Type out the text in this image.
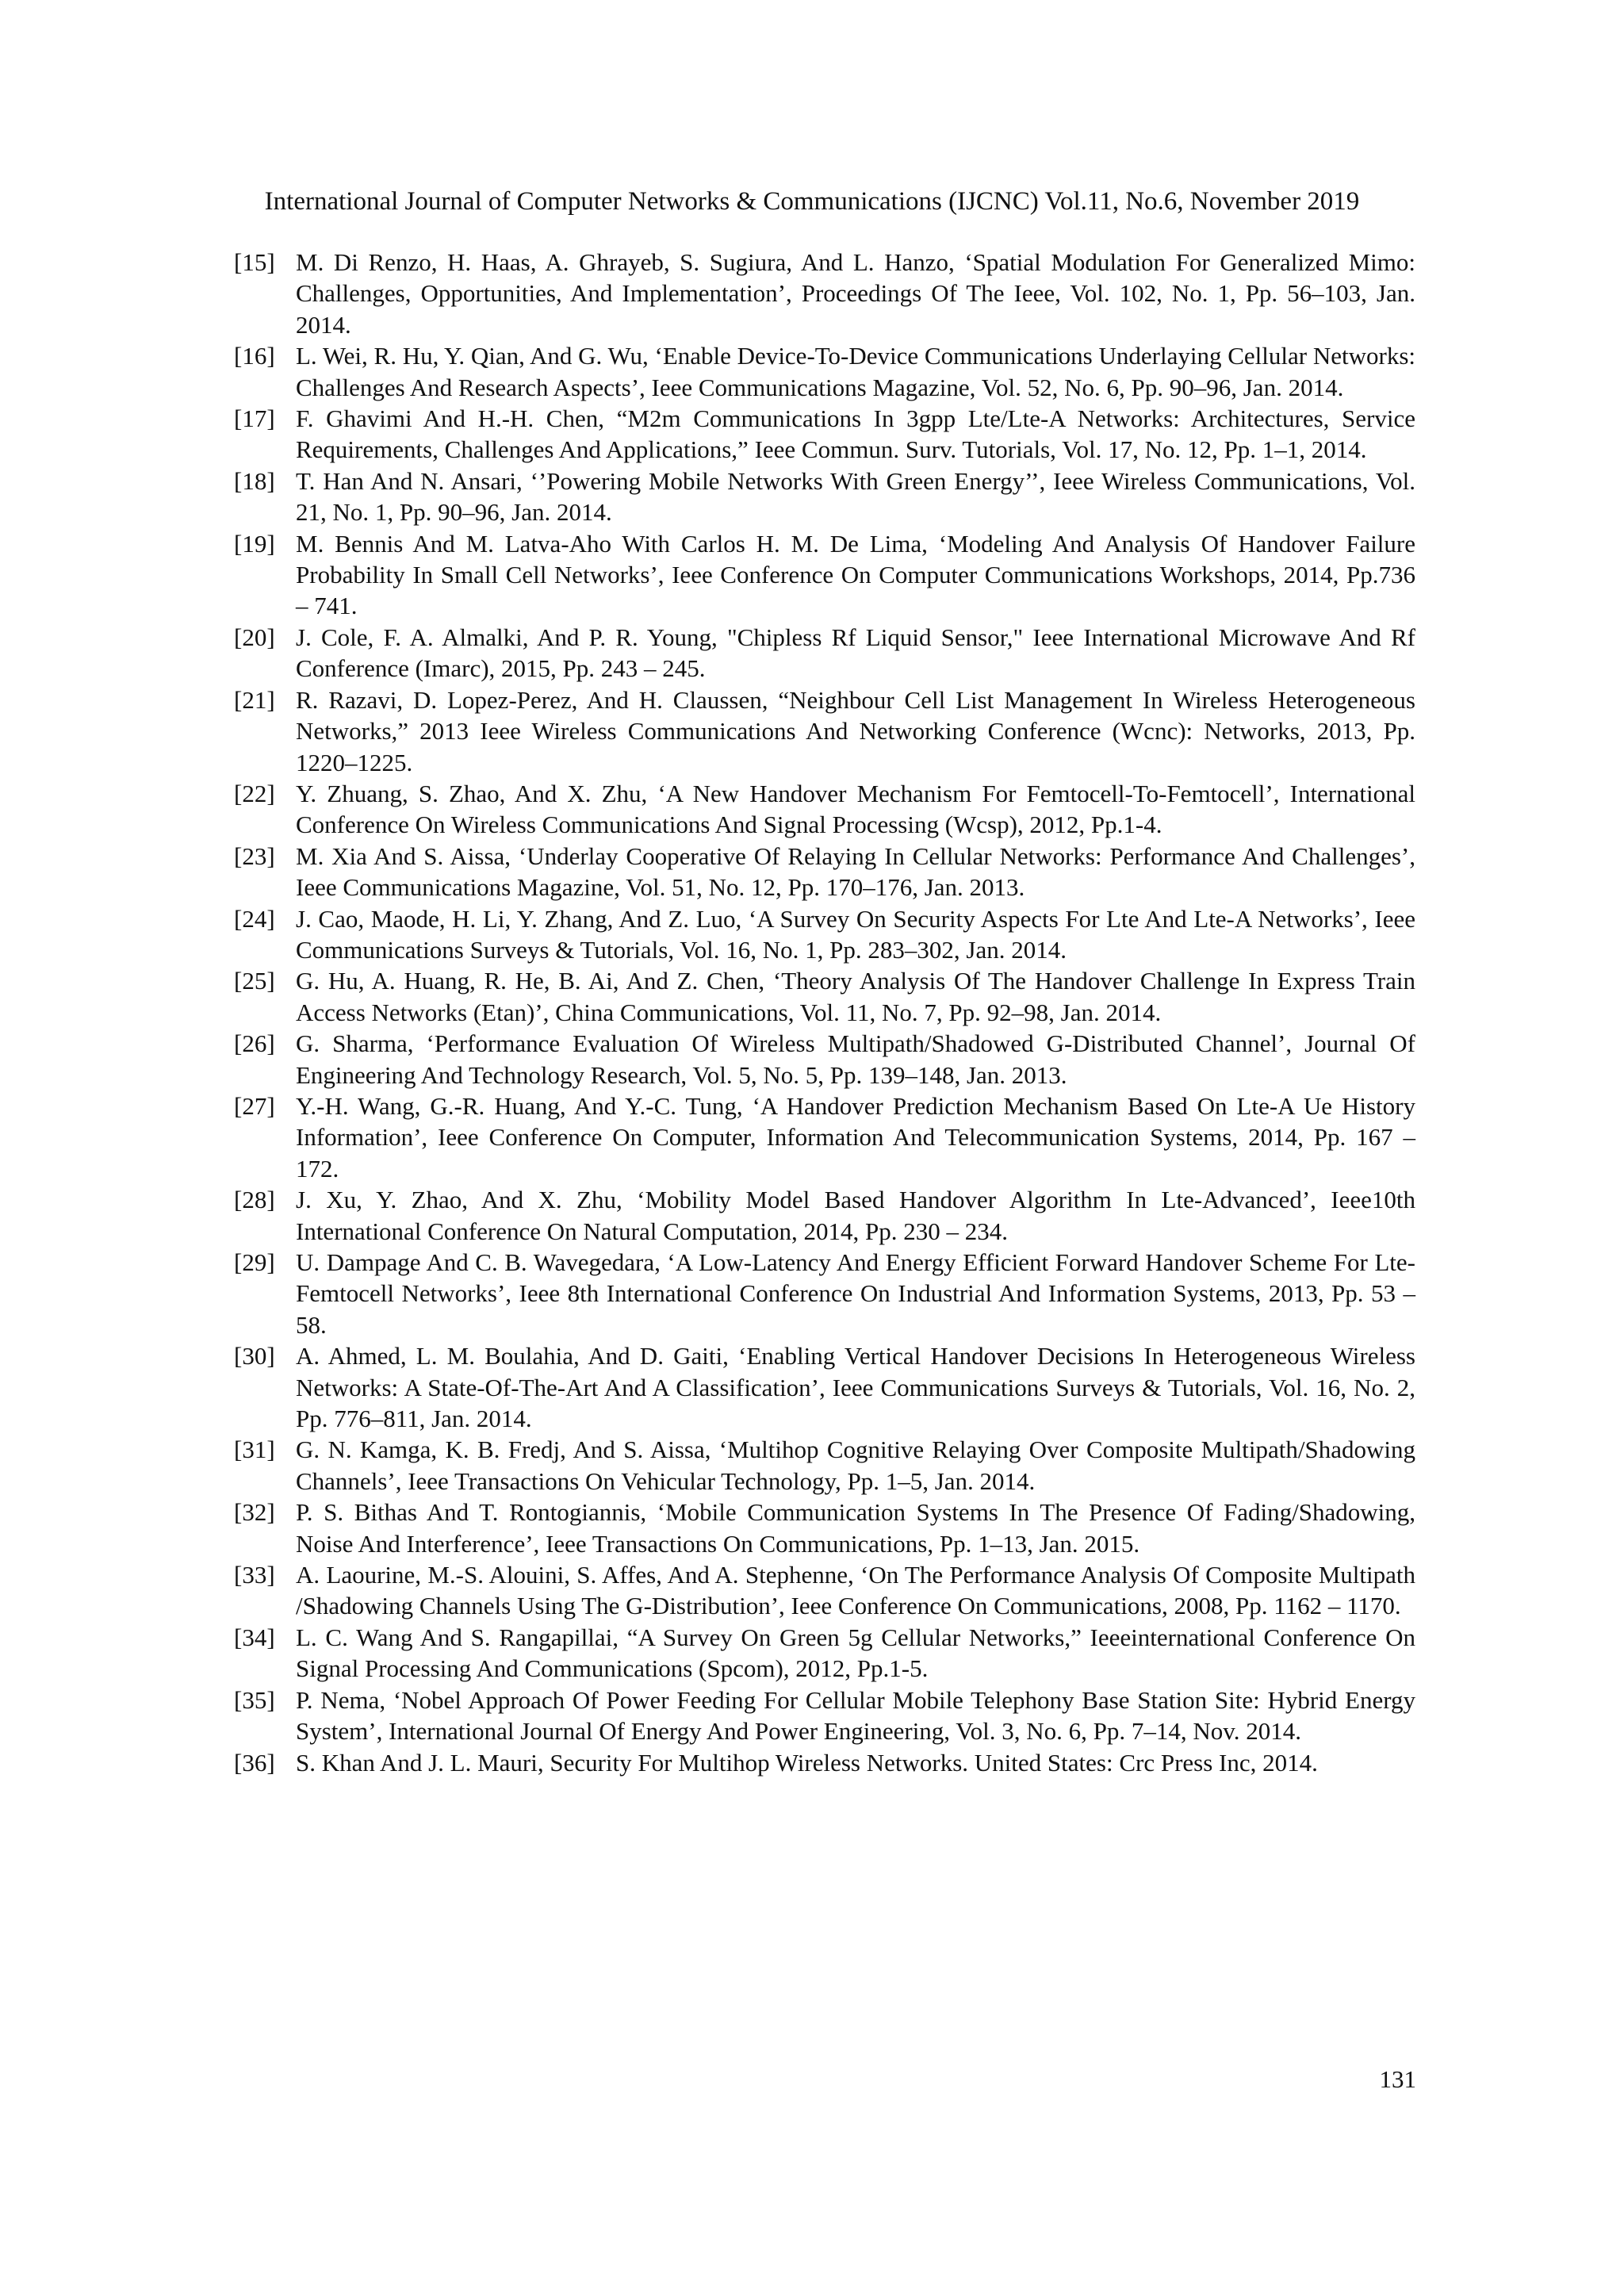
International Journal of Computer Networks & Communications (IJCNC) Vol.11, No.6, November 2019
[15] M. Di Renzo, H. Haas, A. Ghrayeb, S. Sugiura, And L. Hanzo, ‘Spatial Modulation For Generalized Mimo: Challenges, Opportunities, And Implementation’, Proceedings Of The Ieee, Vol. 102, No. 1, Pp. 56–103, Jan. 2014.
[16] L. Wei, R. Hu, Y. Qian, And G. Wu, ‘Enable Device-To-Device Communications Underlaying Cellular Networks: Challenges And Research Aspects’, Ieee Communications Magazine, Vol. 52, No. 6, Pp. 90–96, Jan. 2014.
[17] F. Ghavimi And H.-H. Chen, “M2m Communications In 3gpp Lte/Lte-A Networks: Architectures, Service Requirements, Challenges And Applications,” Ieee Commun. Surv. Tutorials, Vol. 17, No. 12, Pp. 1–1, 2014.
[18] T. Han And N. Ansari, ‘’Powering Mobile Networks With Green Energy’’, Ieee Wireless Communications, Vol. 21, No. 1, Pp. 90–96, Jan. 2014.
[19] M. Bennis And M. Latva-Aho With Carlos H. M. De Lima, ‘Modeling And Analysis Of Handover Failure Probability In Small Cell Networks’, Ieee Conference On Computer Communications Workshops, 2014, Pp.736 – 741.
[20] J. Cole, F. A. Almalki, And P. R. Young, "Chipless Rf Liquid Sensor," Ieee International Microwave And Rf Conference (Imarc), 2015, Pp. 243 – 245.
[21] R. Razavi, D. Lopez-Perez, And H. Claussen, “Neighbour Cell List Management In Wireless Heterogeneous Networks,” 2013 Ieee Wireless Communications And Networking Conference (Wcnc): Networks, 2013, Pp. 1220–1225.
[22] Y. Zhuang, S. Zhao, And X. Zhu, ‘A New Handover Mechanism For Femtocell-To-Femtocell’, International Conference On Wireless Communications And Signal Processing (Wcsp), 2012, Pp.1-4.
[23] M. Xia And S. Aissa, ‘Underlay Cooperative Of Relaying In Cellular Networks: Performance And Challenges’, Ieee Communications Magazine, Vol. 51, No. 12, Pp. 170–176, Jan. 2013.
[24] J. Cao, Maode, H. Li, Y. Zhang, And Z. Luo, ‘A Survey On Security Aspects For Lte And Lte-A Networks’, Ieee Communications Surveys & Tutorials, Vol. 16, No. 1, Pp. 283–302, Jan. 2014.
[25] G. Hu, A. Huang, R. He, B. Ai, And Z. Chen, ‘Theory Analysis Of The Handover Challenge In Express Train Access Networks (Etan)’, China Communications, Vol. 11, No. 7, Pp. 92–98, Jan. 2014.
[26] G. Sharma, ‘Performance Evaluation Of Wireless Multipath/Shadowed G-Distributed Channel’, Journal Of Engineering And Technology Research, Vol. 5, No. 5, Pp. 139–148, Jan. 2013.
[27] Y.-H. Wang, G.-R. Huang, And Y.-C. Tung, ‘A Handover Prediction Mechanism Based On Lte-A Ue History Information’, Ieee Conference On Computer, Information And Telecommunication Systems, 2014, Pp. 167 – 172.
[28] J. Xu, Y. Zhao, And X. Zhu, ‘Mobility Model Based Handover Algorithm In Lte-Advanced’, Ieee10th International Conference On Natural Computation, 2014, Pp. 230 – 234.
[29] U. Dampage And C. B. Wavegedara, ‘A Low-Latency And Energy Efficient Forward Handover Scheme For Lte-Femtocell Networks’, Ieee 8th International Conference On Industrial And Information Systems, 2013, Pp. 53 – 58.
[30] A. Ahmed, L. M. Boulahia, And D. Gaiti, ‘Enabling Vertical Handover Decisions In Heterogeneous Wireless Networks: A State-Of-The-Art And A Classification’, Ieee Communications Surveys & Tutorials, Vol. 16, No. 2, Pp. 776–811, Jan. 2014.
[31] G. N. Kamga, K. B. Fredj, And S. Aissa, ‘Multihop Cognitive Relaying Over Composite Multipath/Shadowing Channels’, Ieee Transactions On Vehicular Technology, Pp. 1–5, Jan. 2014.
[32] P. S. Bithas And T. Rontogiannis, ‘Mobile Communication Systems In The Presence Of Fading/Shadowing, Noise And Interference’, Ieee Transactions On Communications, Pp. 1–13, Jan. 2015.
[33] A. Laourine, M.-S. Alouini, S. Affes, And A. Stephenne, ‘On The Performance Analysis Of Composite Multipath /Shadowing Channels Using The G-Distribution’, Ieee Conference On Communications, 2008, Pp. 1162 – 1170.
[34] L. C. Wang And S. Rangapillai, “A Survey On Green 5g Cellular Networks,” Ieeeinternational Conference On Signal Processing And Communications (Spcom), 2012, Pp.1-5.
[35] P. Nema, ‘Nobel Approach Of Power Feeding For Cellular Mobile Telephony Base Station Site: Hybrid Energy System’, International Journal Of Energy And Power Engineering, Vol. 3, No. 6, Pp. 7–14, Nov. 2014.
[36] S. Khan And J. L. Mauri, Security For Multihop Wireless Networks. United States: Crc Press Inc, 2014.
131
